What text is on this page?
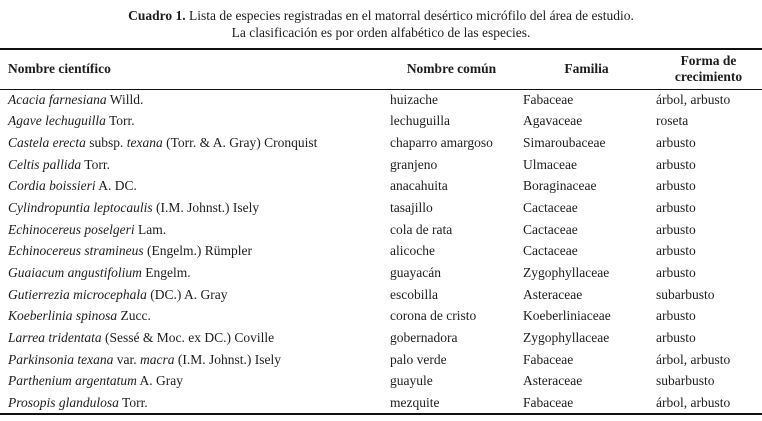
Cuadro 1. Lista de especies registradas en el matorral desértico micrófilo del área de estudio.
La clasificación es por orden alfabético de las especies.
Nombre científico	Nombre común	Familia	Forma de crecimiento
Acacia farnesiana Willd.	huizache	Fabaceae	árbol, arbusto
Agave lechuguilla Torr.	lechuguilla	Agavaceae	roseta
Castela erecta subsp. texana (Torr. & A. Gray) Cronquist	chaparro amargoso	Simaroubaceae	arbusto
Celtis pallida Torr.	granjeno	Ulmaceae	arbusto
Cordia boissieri A. DC.	anacahuita	Boraginaceae	arbusto
Cylindropuntia leptocaulis (I.M. Johnst.) Isely	tasajillo	Cactaceae	arbusto
Echinocereus poselgeri Lam.	cola de rata	Cactaceae	arbusto
Echinocereus stramineus (Engelm.) Rümpler	alicoche	Cactaceae	arbusto
Guaiacum angustifolium Engelm.	guayacán	Zygophyllaceae	arbusto
Gutierrezia microcephala (DC.) A. Gray	escobilla	Asteraceae	subarbusto
Koeberlinia spinosa Zucc.	corona de cristo	Koeberliniaceae	arbusto
Larrea tridentata (Sessé & Moc. ex DC.) Coville	gobernadora	Zygophyllaceae	arbusto
Parkinsonia texana var. macra (I.M. Johnst.) Isely	palo verde	Fabaceae	árbol, arbusto
Parthenium argentatum A. Gray	guayule	Asteraceae	subarbusto
Prosopis glandulosa Torr.	mezquite	Fabaceae	árbol, arbusto
